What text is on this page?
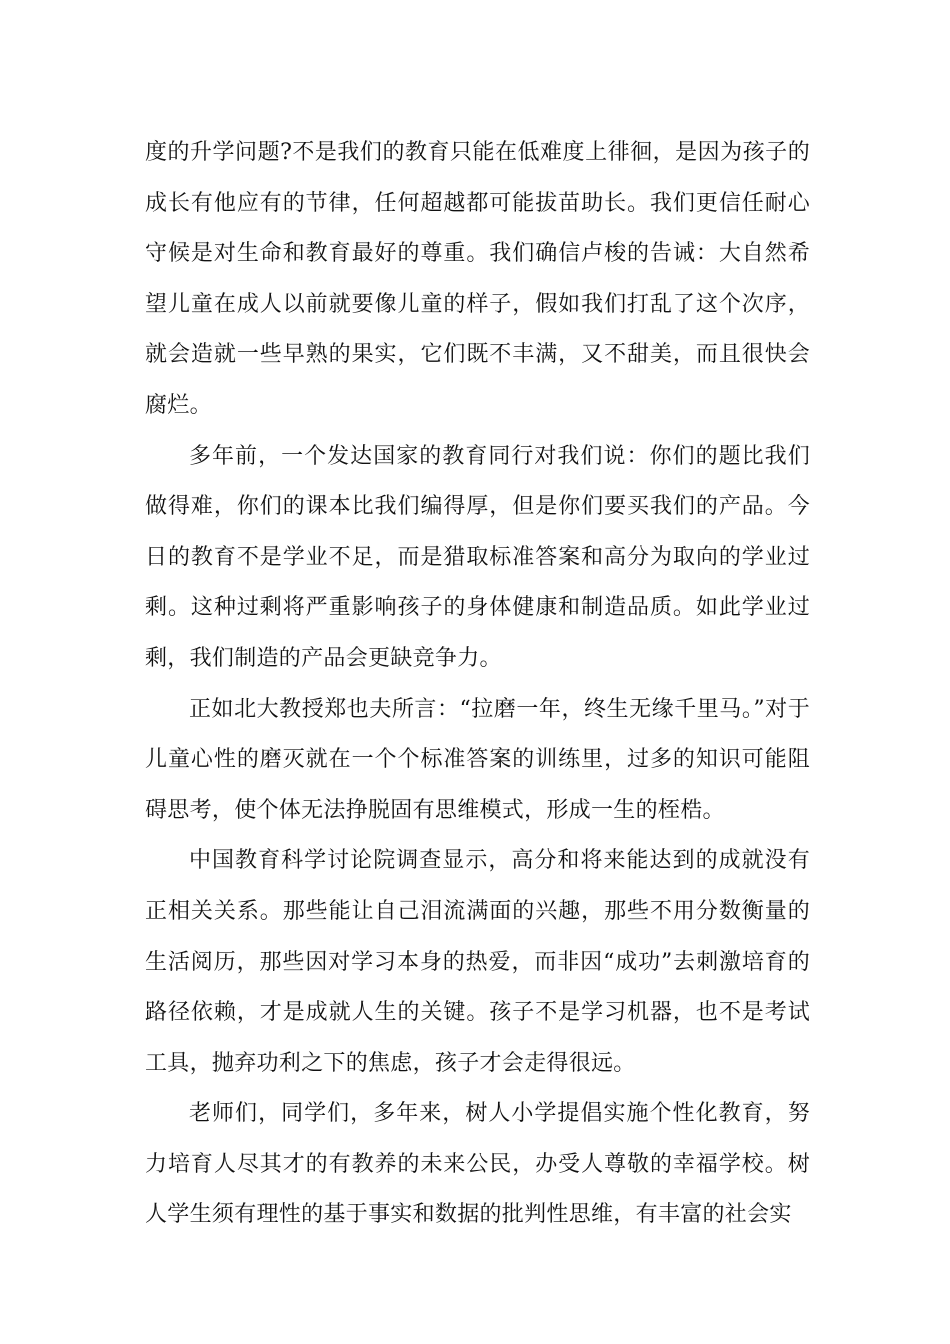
度的升学问题?不是我们的教育只能在低难度上徘徊，是因为孩子的成长有他应有的节律，任何超越都可能拔苗助长。我们更信任耐心守候是对生命和教育最好的尊重。我们确信卢梭的告诫：大自然希望儿童在成人以前就要像儿童的样子，假如我们打乱了这个次序，就会造就一些早熟的果实，它们既不丰满，又不甜美，而且很快会腐烂。

多年前，一个发达国家的教育同行对我们说：你们的题比我们做得难，你们的课本比我们编得厚，但是你们要买我们的产品。今日的教育不是学业不足，而是猎取标准答案和高分为取向的学业过剩。这种过剩将严重影响孩子的身体健康和制造品质。如此学业过剩，我们制造的产品会更缺竞争力。

正如北大教授郑也夫所言：“拉磨一年，终生无缘千里马。”对于儿童心性的磨灭就在一个个标准答案的训练里，过多的知识可能阻碍思考，使个体无法挣脱固有思维模式，形成一生的桎梏。

中国教育科学讨论院调查显示，高分和将来能达到的成就没有正相关关系。那些能让自己泪流满面的兴趣，那些不用分数衡量的生活阅历，那些因对学习本身的热爱，而非因“成功”去刺激培育的路径依赖，才是成就人生的关键。孩子不是学习机器，也不是考试工具，抛弃功利之下的焦虑，孩子才会走得很远。

老师们，同学们，多年来，树人小学提倡实施个性化教育，努力培育人尽其才的有教养的未来公民，办受人尊敬的幸福学校。树人学生须有理性的基于事实和数据的批判性思维，有丰富的社会实
